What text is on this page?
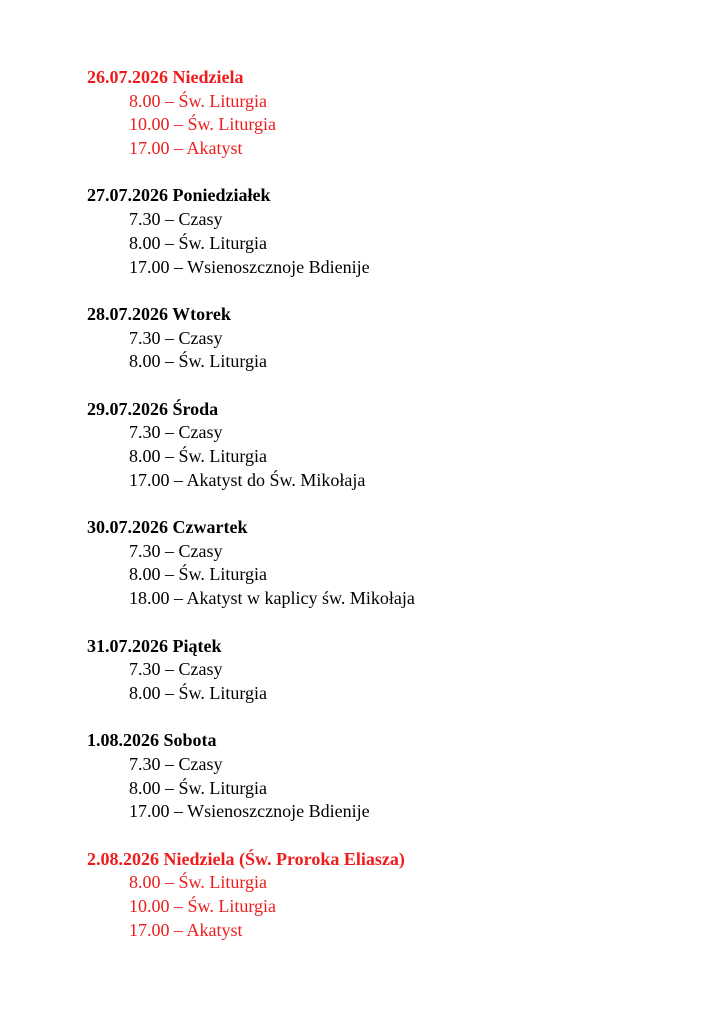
26.07.2026 Niedziela
8.00 – Św. Liturgia
10.00 – Św. Liturgia
17.00 – Akatyst
27.07.2026 Poniedziałek
7.30 – Czasy
8.00 – Św. Liturgia
17.00 – Wsienoszcznoje Bdienije
28.07.2026 Wtorek
7.30 – Czasy
8.00 – Św. Liturgia
29.07.2026 Środa
7.30 – Czasy
8.00 – Św. Liturgia
17.00 – Akatyst do Św. Mikołaja
30.07.2026 Czwartek
7.30 – Czasy
8.00 – Św. Liturgia
18.00 – Akatyst w kaplicy św. Mikołaja
31.07.2026 Piątek
7.30 – Czasy
8.00 – Św. Liturgia
1.08.2026 Sobota
7.30 – Czasy
8.00 – Św. Liturgia
17.00 – Wsienoszcznoje Bdienije
2.08.2026 Niedziela (Św. Proroka Eliasza)
8.00 – Św. Liturgia
10.00 – Św. Liturgia
17.00 – Akatyst
